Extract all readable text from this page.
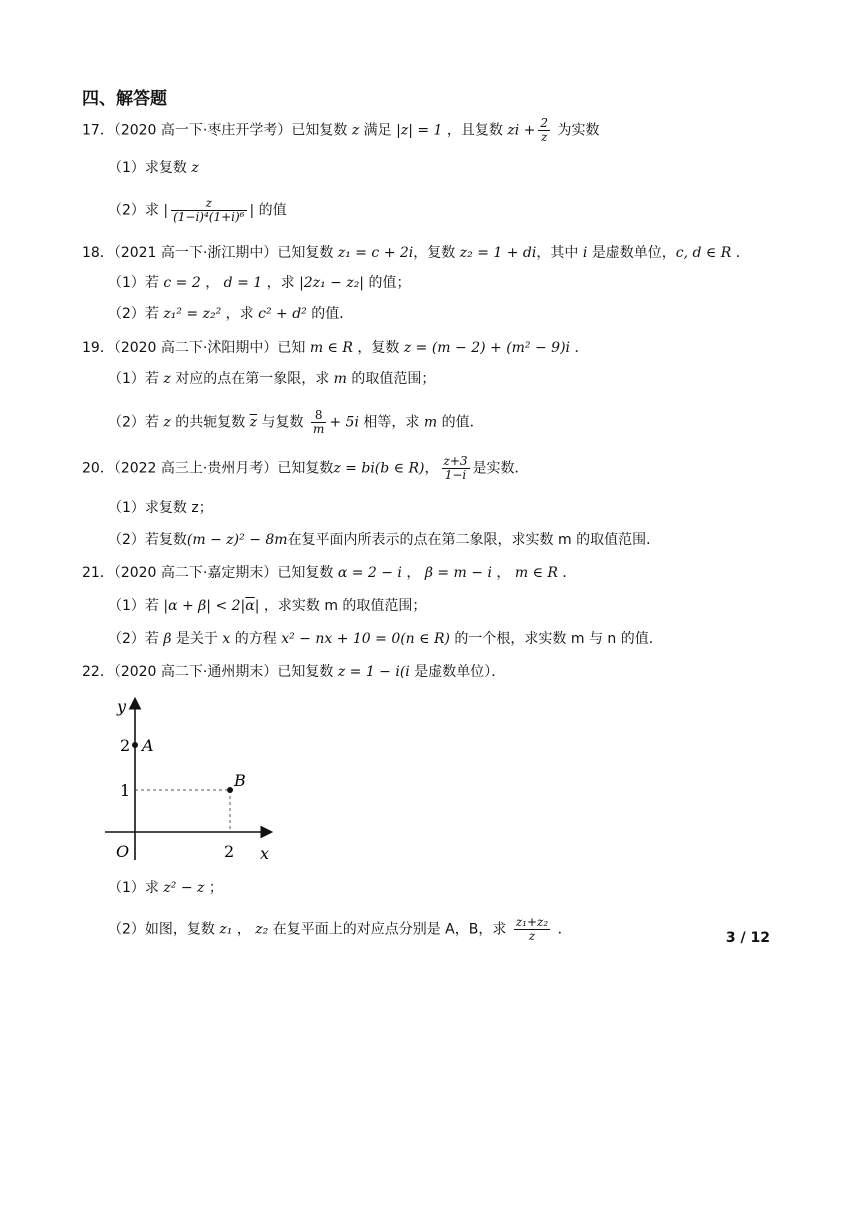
四、解答题
17．（2020 高一下·枣庄开学考）已知复数 z 满足 |z| = 1 ，且复数 zi + $\frac{2}{z}$ 为实数
（1）求复数 z
（2）求 | $\frac{z}{\text{(1−i)⁴(1+i)⁶}}$ | 的值
18．（2021 高一下·浙江期中）已知复数 z₁ = c + 2i，复数 z₂ = 1 + di，其中 i 是虚数单位，c, d ∈ R ．
（1）若 c = 2 ， d = 1 ，求 |2z₁ − z₂| 的值；
（2）若 z₁² = z₂² ，求 c² + d² 的值．
19．（2020 高二下·沭阳期中）已知 m ∈ R ，复数 z = (m − 2) + (m² − 9)i ．
（1）若 z 对应的点在第一象限，求 m 的取值范围；
（2）若 z 的共轭复数 $\overline{z}$ 与复数 $\frac{8}{m} + 5i$ 相等，求 m 的值．
20．（2022 高三上·贵州月考）已知复数z = bi(b ∈ R)， $\frac{z+3}{1-i}$ 是实数．
（1）求复数 z；
（2）若复数(m − z)² − 8m在复平面内所表示的点在第二象限，求实数 m 的取值范围．
21．（2020 高二下·嘉定期末）已知复数 α = 2 − i ， β = m − i ， m ∈ R ．
（1）若 $|\alpha + \beta| < 2|\overline{\alpha}|$ ，求实数 m 的取值范围；
（2）若 β 是关于 x 的方程 x² − nx + 10 = 0(n ∈ R) 的一个根，求实数 m 与 n 的值．
22．（2020 高二下·通州期末）已知复数 z = 1 − i(i 是虚数单位）．
y
x
O
2
1
2
A
B
（1）求 z² − z ；
（2）如图，复数 z₁ ， z₂ 在复平面上的对应点分别是 A，B，求 $\frac{\text{z₁+z₂}}{z}$ ．
3 / 12
